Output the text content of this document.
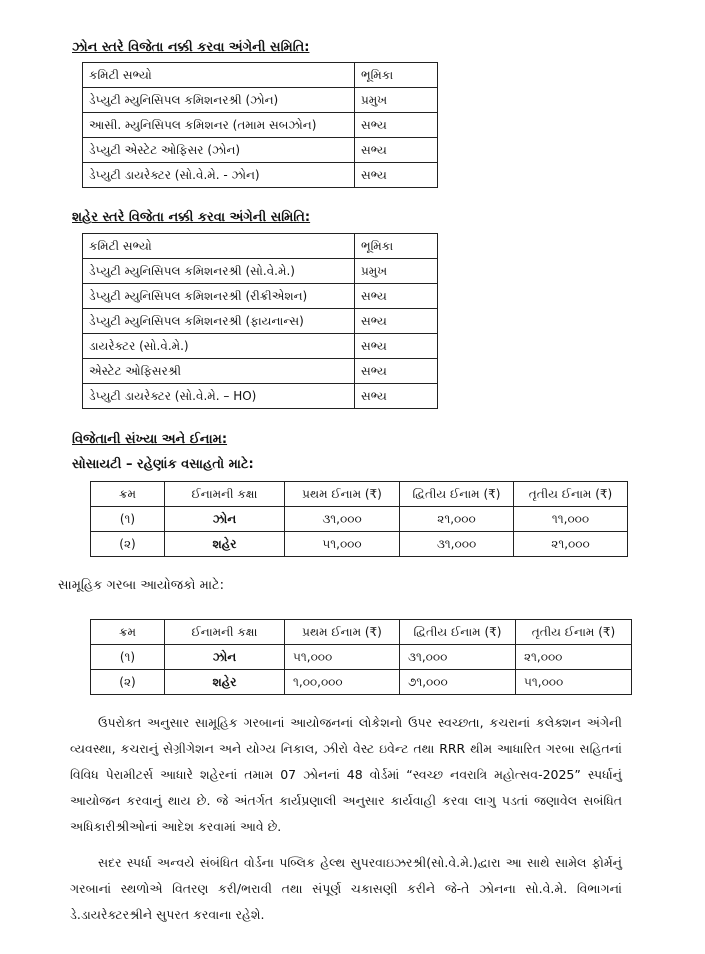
ઝોન સ્તરે વિજેતા નક્કી કરવા અંગેની સમિતિ:
કમિટી સભ્યો	ભૂમિકા
ડેપ્યુટી મ્યુનિસિપલ કમિશનરશ્રી (ઝોન)	પ્રમુખ
આસી. મ્યુનિસિપલ કમિશનર (તમામ સબઝોન)	સભ્ય
ડેપ્યુટી એસ્ટેટ ઓફિસર (ઝોન)	સભ્ય
ડેપ્યુટી ડાયરેક્ટર (સો.વે.મે. - ઝોન)	સભ્ય
શહેર સ્તરે વિજેતા નક્કી કરવા અંગેની સમિતિ:
કમિટી સભ્યો	ભૂમિકા
ડેપ્યુટી મ્યુનિસિપલ કમિશનરશ્રી (સો.વે.મે.)	પ્રમુખ
ડેપ્યુટી મ્યુનિસિપલ કમિશનરશ્રી (રીક્રીએશન)	સભ્ય
ડેપ્યુટી મ્યુનિસિપલ કમિશનરશ્રી (ફાયનાન્સ)	સભ્ય
ડાયરેક્ટર (સો.વે.મે.)	સભ્ય
એસ્ટેટ ઓફિસરશ્રી	સભ્ય
ડેપ્યુટી ડાયરેક્ટર (સો.વે.મે. – HO)	સભ્ય
વિજેતાની સંખ્યા અને ઈનામ:
સોસાયટી – રહેણાંક વસાહતો માટે:
ક્રમ	ઈનામની કક્ષા	પ્રથમ ઈનામ (₹)	દ્વિતીય ઈનામ (₹)	તૃતીય ઈનામ (₹)
(૧)	ઝોન	૩૧,૦૦૦	૨૧,૦૦૦	૧૧,૦૦૦
(૨)	શહેર	૫૧,૦૦૦	૩૧,૦૦૦	૨૧,૦૦૦
સામૂહિક ગરબા આયોજકો માટે:
ક્રમ	ઈનામની કક્ષા	પ્રથમ ઈનામ (₹)	દ્વિતીય ઈનામ (₹)	તૃતીય ઈનામ (₹)
(૧)	ઝોન	૫૧,૦૦૦	૩૧,૦૦૦	૨૧,૦૦૦
(૨)	શહેર	૧,૦૦,૦૦૦	૭૧,૦૦૦	૫૧,૦૦૦

ઉપરોક્ત અનુસાર સામૂહિક ગરબાનાં આયોજનનાં લોકેશનો ઉપર સ્વચ્છતા, કચરાનાં કલેક્શન અંગેની વ્યવસ્થા, કચરાનું સેગ્રીગેશન અને યોગ્ય નિકાલ, ઝીરો વેસ્ટ ઇવેન્ટ તથા RRR થીમ આધારિત ગરબા સહિતનાં વિવિધ પેરામીટર્સ આધારે શહેરનાં તમામ 07 ઝોનનાં 48 વોર્ડમાં “સ્વચ્છ નવરાત્રિ મહોત્સવ-2025” સ્પર્ધાનું આયોજન કરવાનું થાય છે. જે અંતર્ગત કાર્યપ્રણાલી અનુસાર કાર્યવાહી કરવા લાગુ પડતાં જણાવેલ સબંધિત અધિકારીશ્રીઓનાં આદેશ કરવામાં આવે છે.

સદર સ્પર્ધા અન્વયે સંબંધિત વોર્ડના પબ્લિક હેલ્થ સુપરવાઇઝરશ્રી(સો.વે.મે.)દ્વારા આ સાથે સામેલ ફોર્મનું ગરબાનાં સ્થળોએ વિતરણ કરી/ભરાવી તથા સંપૂર્ણ ચકાસણી કરીને જે-તે ઝોનના સો.વે.મે. વિભાગનાં ડે.ડાયરેક્ટરશ્રીને સુપરત કરવાના રહેશે.
